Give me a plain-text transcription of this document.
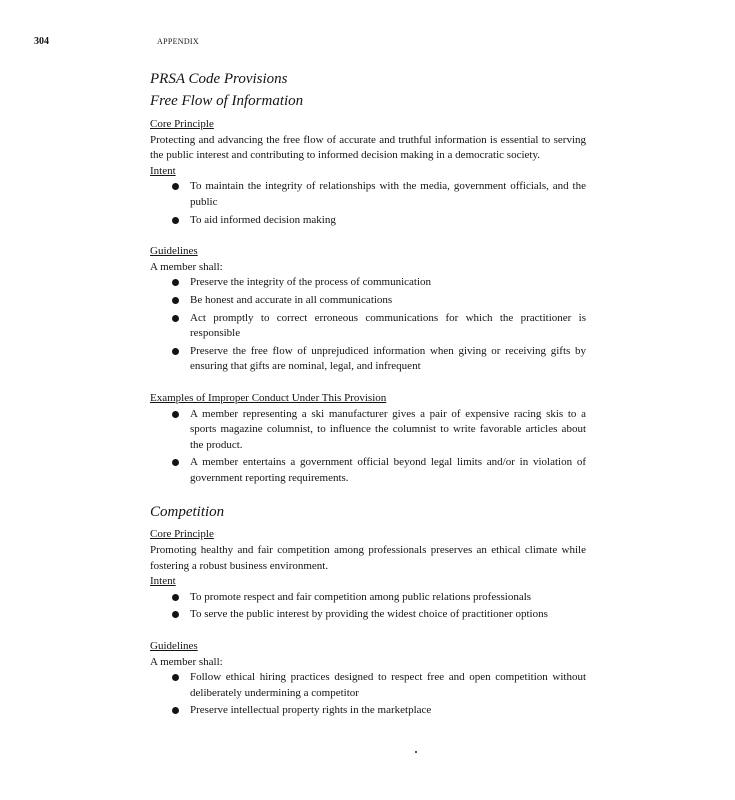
304	APPENDIX
PRSA Code Provisions
Free Flow of Information

Core Principle

Protecting and advancing the free flow of accurate and truthful information is essential to serving the public interest and contributing to informed decision making in a democratic society.

Intent

To maintain the integrity of relationships with the media, government officials, and the public
To aid informed decision making

Guidelines

A member shall:

Preserve the integrity of the process of communication
Be honest and accurate in all communications
Act promptly to correct erroneous communications for which the practitioner is responsible
Preserve the free flow of unprejudiced information when giving or receiving gifts by ensuring that gifts are nominal, legal, and infrequent

Examples of Improper Conduct Under This Provision

A member representing a ski manufacturer gives a pair of expensive racing skis to a sports magazine columnist, to influence the columnist to write favorable articles about the product.
A member entertains a government official beyond legal limits and/or in violation of government reporting requirements.
Competition

Core Principle

Promoting healthy and fair competition among professionals preserves an ethical climate while fostering a robust business environment.

Intent

To promote respect and fair competition among public relations professionals
To serve the public interest by providing the widest choice of practitioner options

Guidelines

A member shall:

Follow ethical hiring practices designed to respect free and open competition without deliberately undermining a competitor
Preserve intellectual property rights in the marketplace
